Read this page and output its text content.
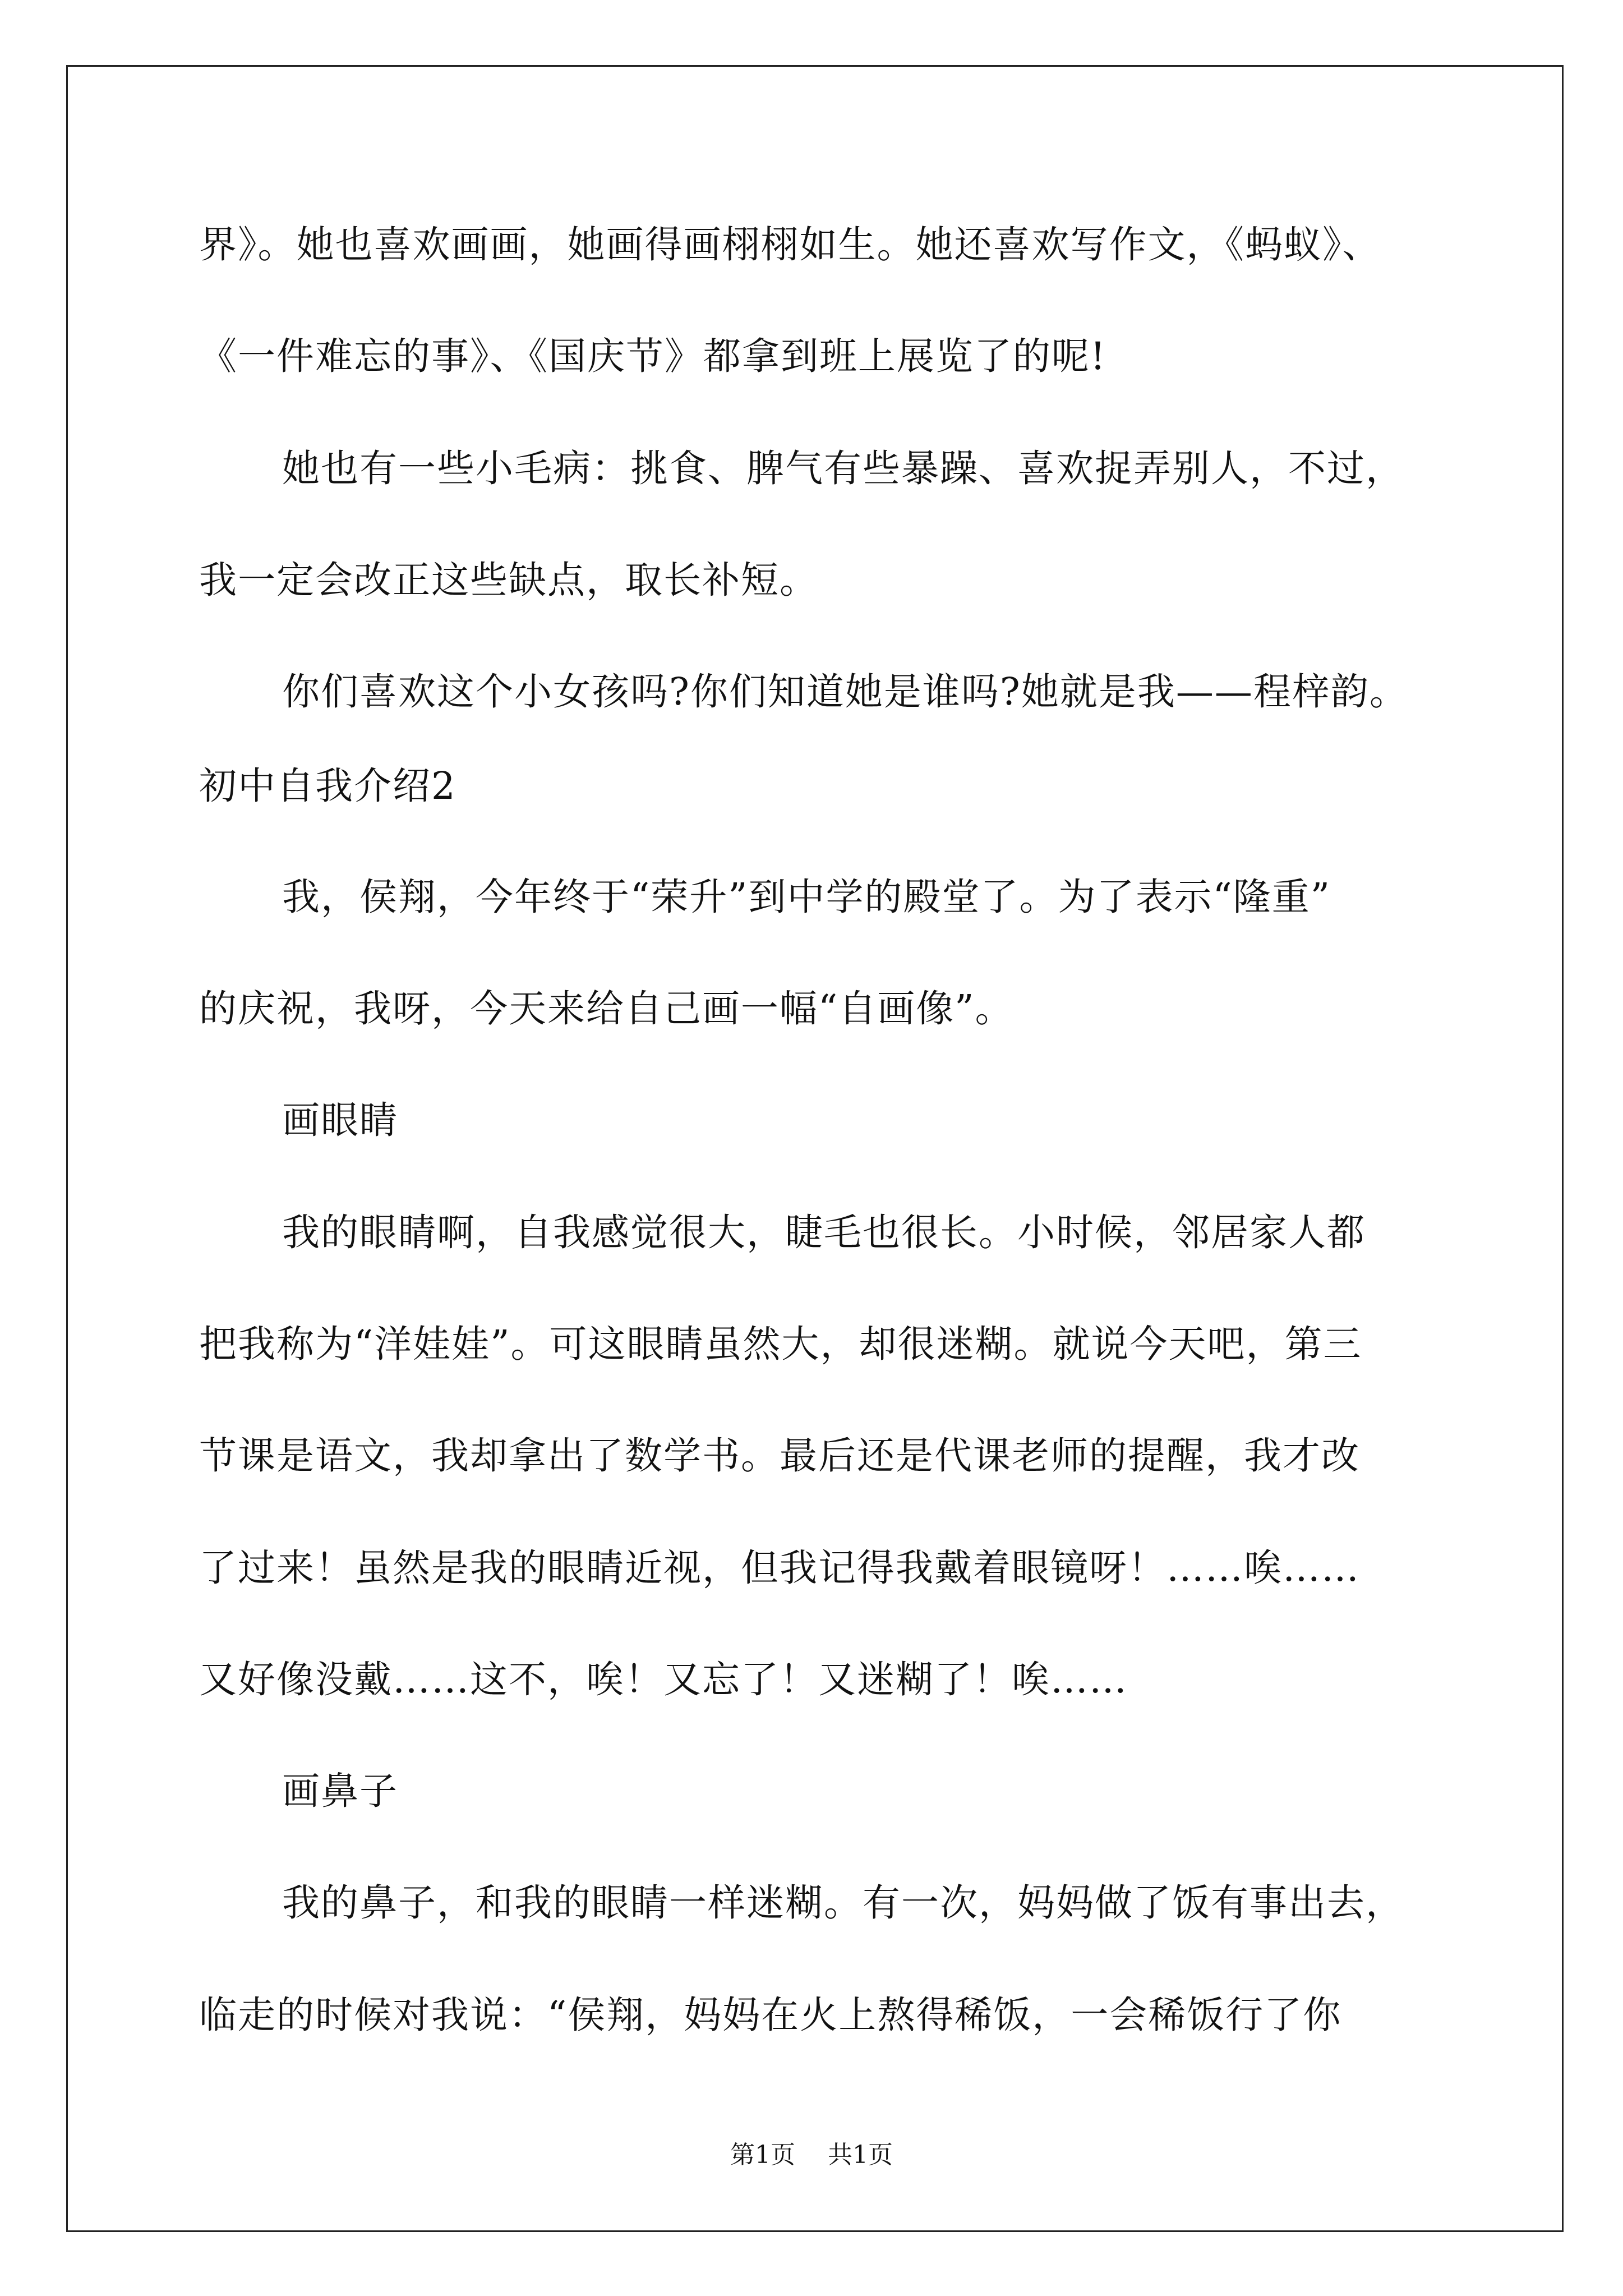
界》。她也喜欢画画，她画得画栩栩如生。她还喜欢写作文，《蚂蚁》、
《一件难忘的事》、《国庆节》都拿到班上展览了的呢!
她也有一些小毛病：挑食、脾气有些暴躁、喜欢捉弄别人，不过，
我一定会改正这些缺点，取长补短。
你们喜欢这个小女孩吗?你们知道她是谁吗?她就是我——程梓韵。
初中自我介绍2
我，侯翔，今年终于“荣升”到中学的殿堂了。为了表示“隆重”
的庆祝，我呀，今天来给自己画一幅“自画像”。
画眼睛
我的眼睛啊，自我感觉很大，睫毛也很长。小时候，邻居家人都
把我称为“洋娃娃”。可这眼睛虽然大，却很迷糊。就说今天吧，第三
节课是语文，我却拿出了数学书。最后还是代课老师的提醒，我才改
了过来！虽然是我的眼睛近视，但我记得我戴着眼镜呀！……唉……
又好像没戴……这不，唉！又忘了！又迷糊了！唉……
画鼻子
我的鼻子，和我的眼睛一样迷糊。有一次，妈妈做了饭有事出去，
临走的时候对我说：“侯翔，妈妈在火上熬得稀饭，一会稀饭行了你
第1页 共1页
